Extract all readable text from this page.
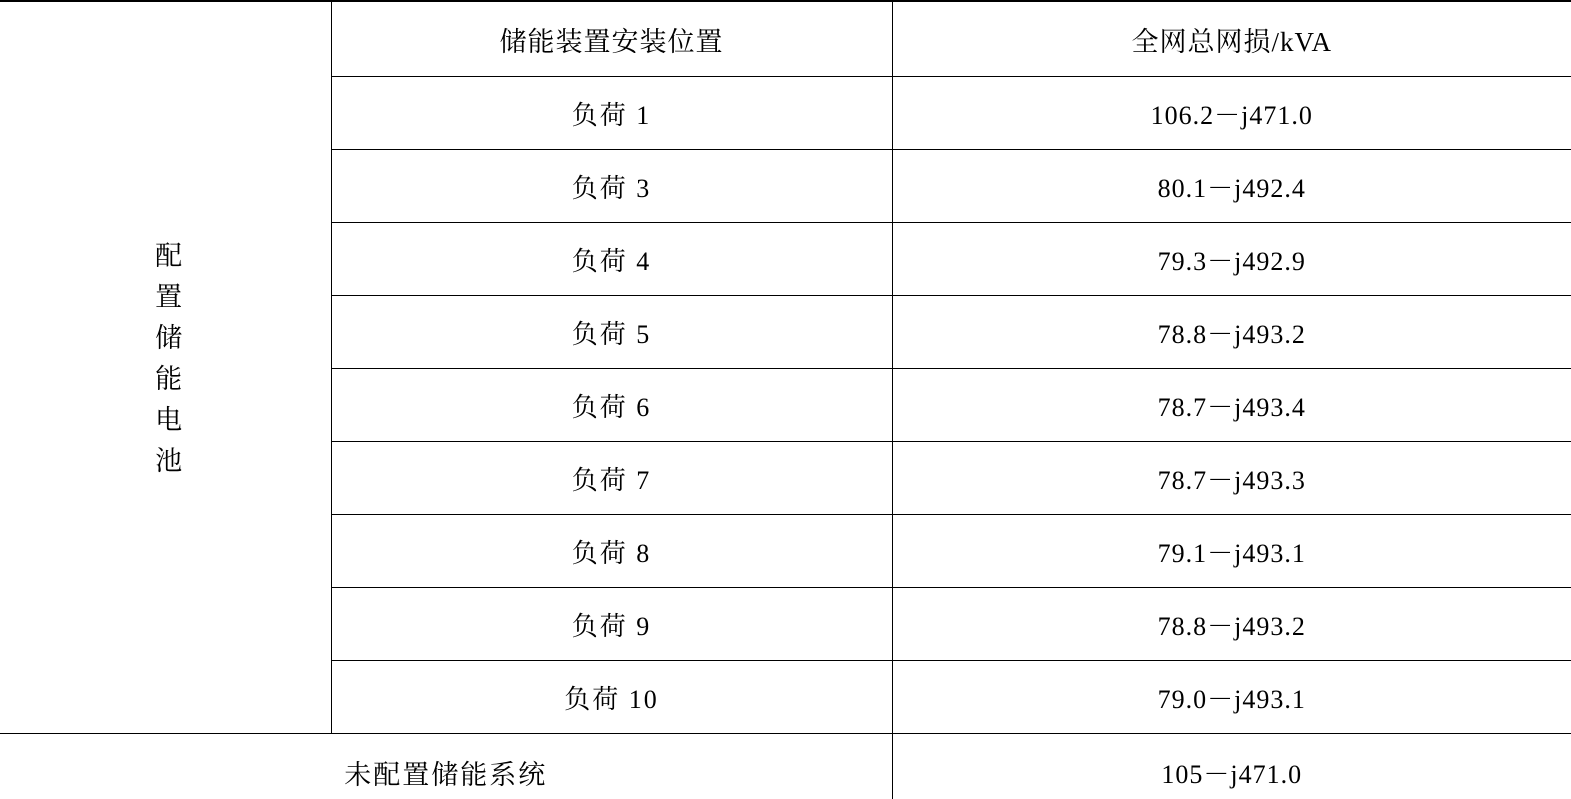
配置储能电池	储能装置安装位置	全网总网损/kVA
	负荷 1	106.2－j471.0
	负荷 3	80.1－j492.4
	负荷 4	79.3－j492.9
	负荷 5	78.8－j493.2
	负荷 6	78.7－j493.4
	负荷 7	78.7－j493.3
	负荷 8	79.1－j493.1
	负荷 9	78.8－j493.2
	负荷 10	79.0－j493.1
未配置储能系统		105－j471.0
